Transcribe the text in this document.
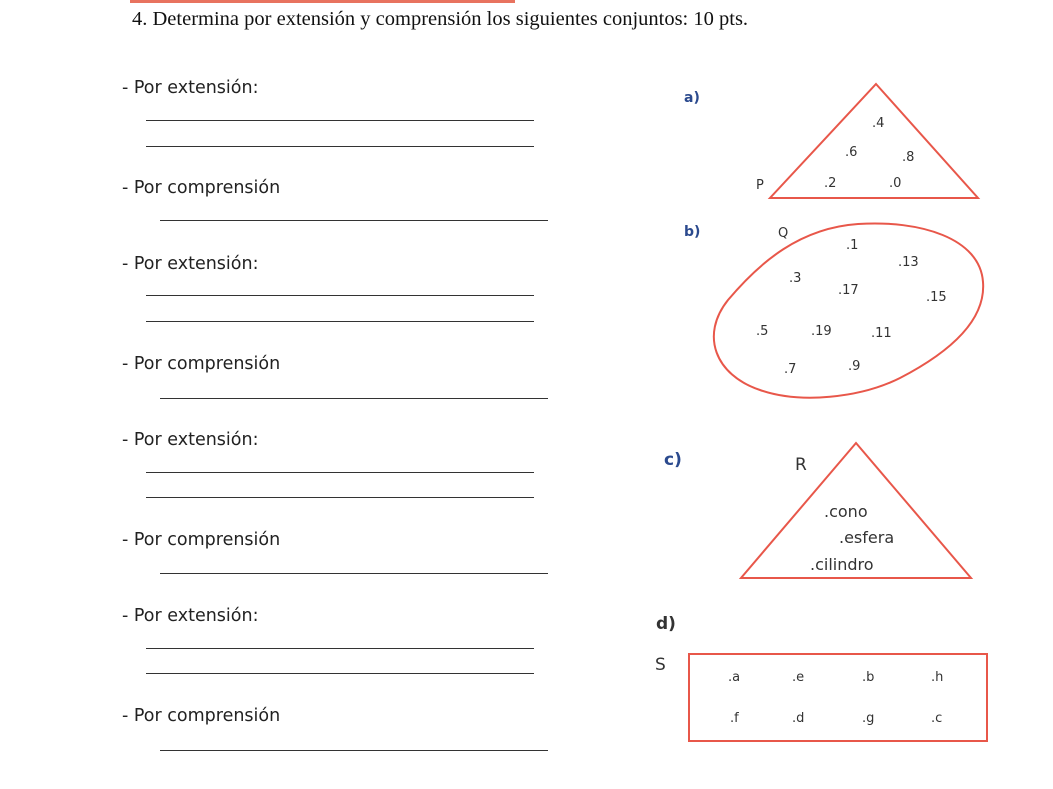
4. Determina por extensión y comprensión los siguientes conjuntos: 10 pts.
- Por extensión:
- Por comprensión
- Por extensión:
- Por comprensión
- Por extensión:
- Por comprensión
- Por extensión:
- Por comprensión
a)
P
.4
.6	.8
.2	.0
b)	Q
.1
.13
.3
.17	.15
.5	.19	.11
.7	.9
c)	R
.cono
.esfera
.cilindro
d)
S
.a	.e	.b	.h
.f	.d	.g	.c
